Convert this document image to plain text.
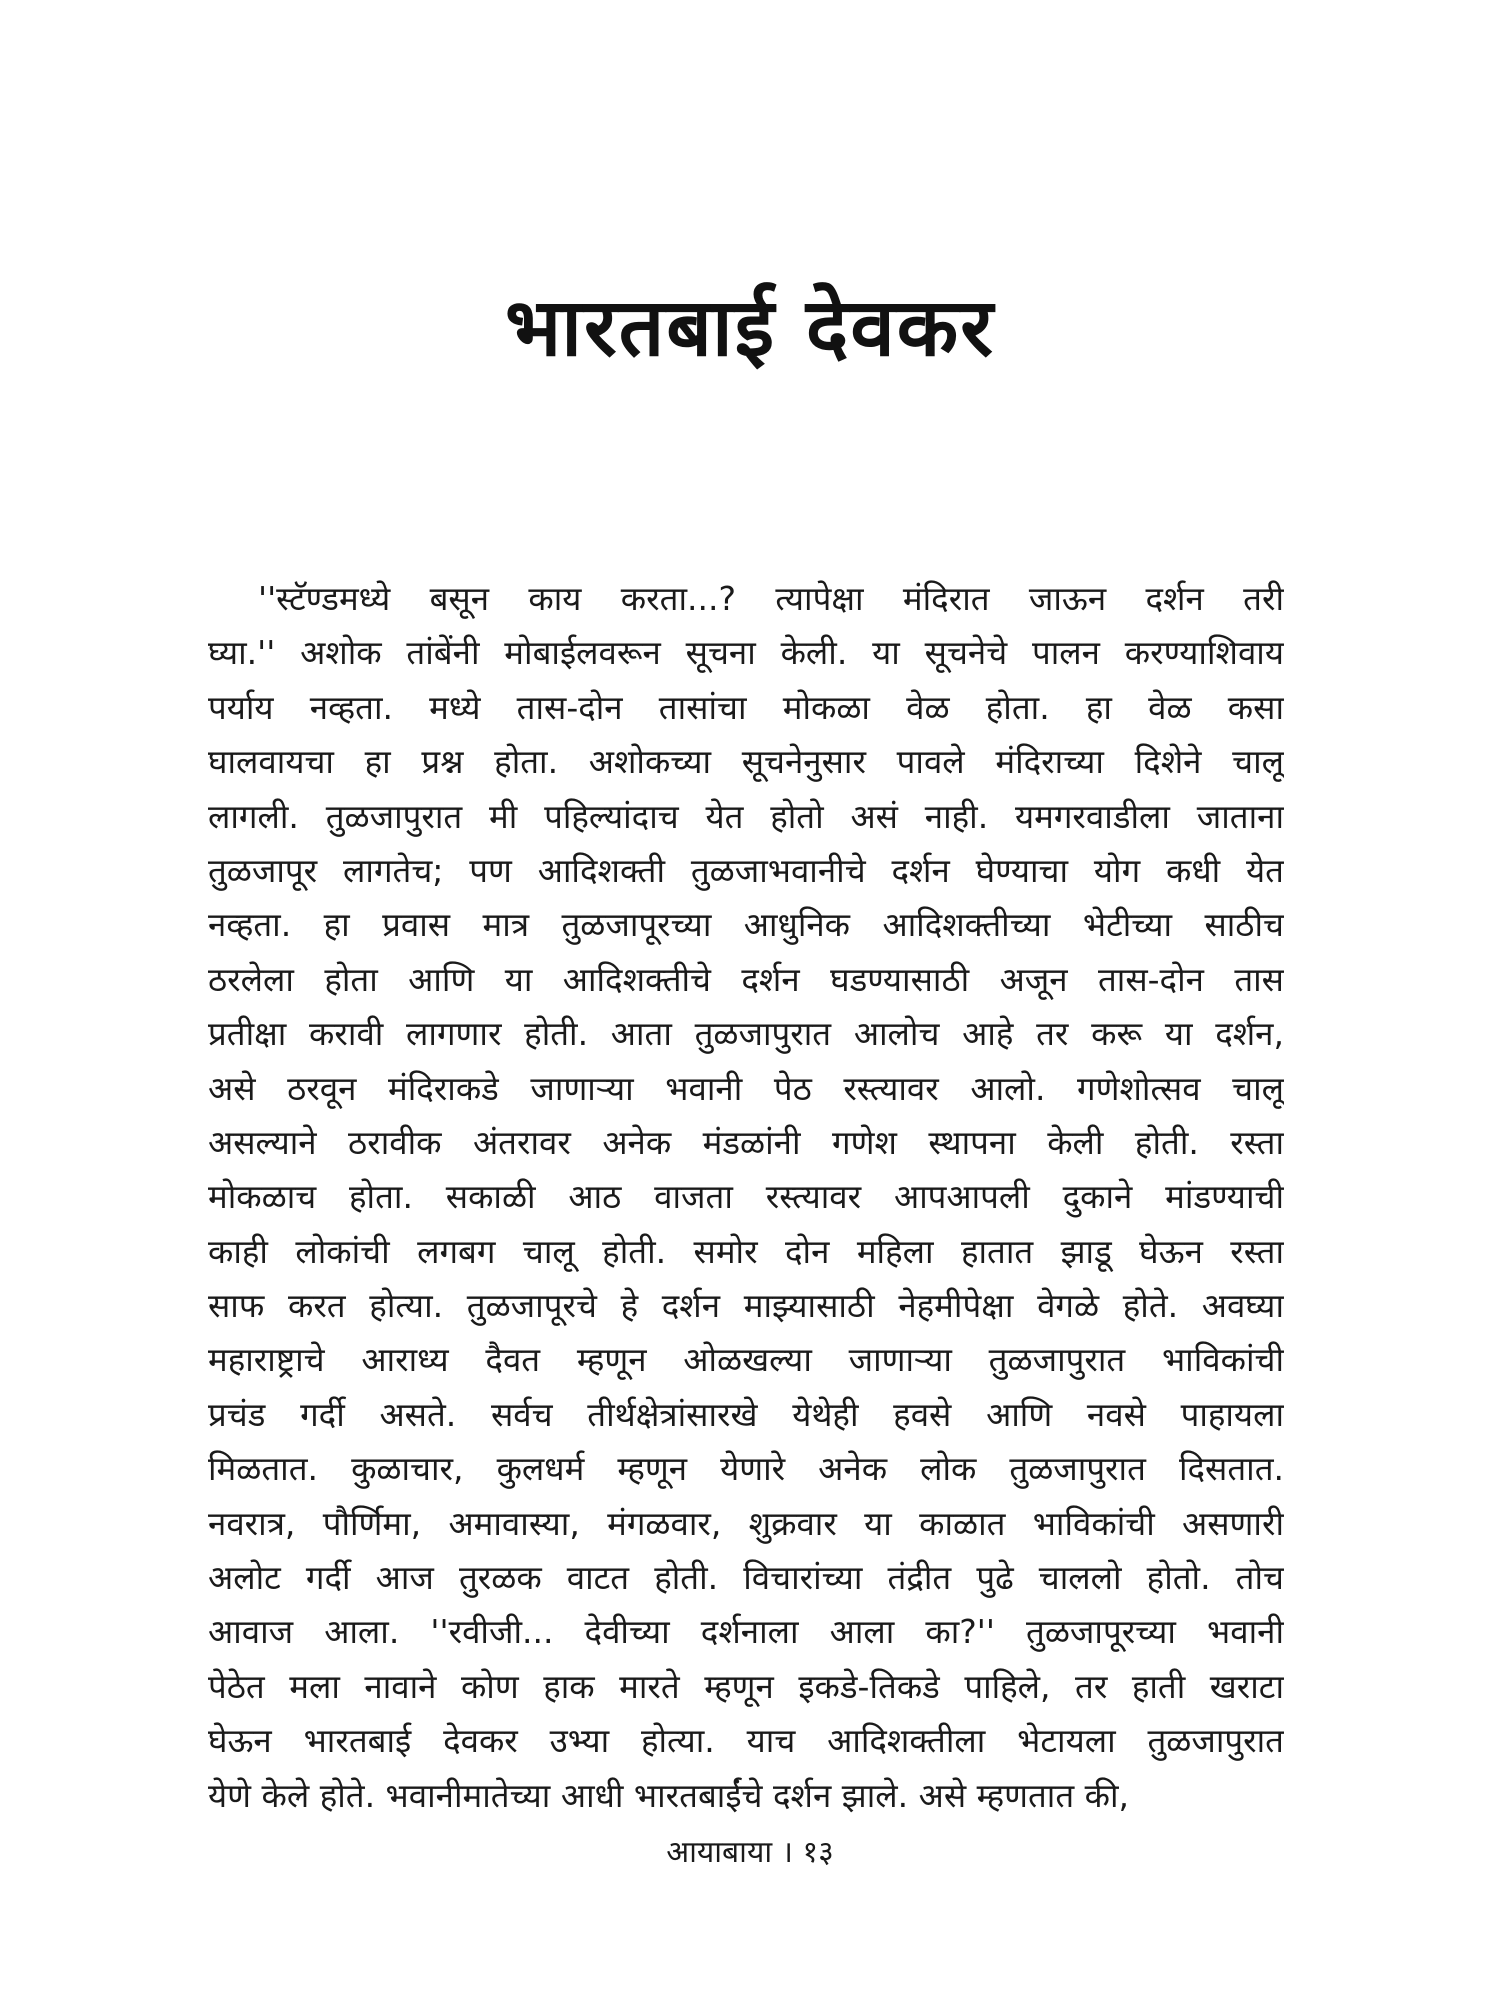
भारतबाई देवकर
''स्टॅण्डमध्ये बसून काय करता...? त्यापेक्षा मंदिरात जाऊन दर्शन तरी
घ्या.'' अशोक तांबेंनी मोबाईलवरून सूचना केली. या सूचनेचे पालन करण्याशिवाय
पर्याय नव्हता. मध्ये तास-दोन तासांचा मोकळा वेळ होता. हा वेळ कसा
घालवायचा हा प्रश्न होता. अशोकच्या सूचनेनुसार पावले मंदिराच्या दिशेने चालू
लागली. तुळजापुरात मी पहिल्यांदाच येत होतो असं नाही. यमगरवाडीला जाताना
तुळजापूर लागतेच; पण आदिशक्ती तुळजाभवानीचे दर्शन घेण्याचा योग कधी येत
नव्हता. हा प्रवास मात्र तुळजापूरच्या आधुनिक आदिशक्तीच्या भेटीच्या साठीच
ठरलेला होता आणि या आदिशक्तीचे दर्शन घडण्यासाठी अजून तास-दोन तास
प्रतीक्षा करावी लागणार होती. आता तुळजापुरात आलोच आहे तर करू या दर्शन,
असे ठरवून मंदिराकडे जाणाऱ्या भवानी पेठ रस्त्यावर आलो. गणेशोत्सव चालू
असल्याने ठरावीक अंतरावर अनेक मंडळांनी गणेश स्थापना केली होती. रस्ता
मोकळाच होता. सकाळी आठ वाजता रस्त्यावर आपआपली दुकाने मांडण्याची
काही लोकांची लगबग चालू होती. समोर दोन महिला हातात झाडू घेऊन रस्ता
साफ करत होत्या. तुळजापूरचे हे दर्शन माझ्यासाठी नेहमीपेक्षा वेगळे होते. अवघ्या
महाराष्ट्राचे आराध्य दैवत म्हणून ओळखल्या जाणाऱ्या तुळजापुरात भाविकांची
प्रचंड गर्दी असते. सर्वच तीर्थक्षेत्रांसारखे येथेही हवसे आणि नवसे पाहायला
मिळतात. कुळाचार, कुलधर्म म्हणून येणारे अनेक लोक तुळजापुरात दिसतात.
नवरात्र, पौर्णिमा, अमावास्या, मंगळवार, शुक्रवार या काळात भाविकांची असणारी
अलोट गर्दी आज तुरळक वाटत होती. विचारांच्या तंद्रीत पुढे चाललो होतो. तोच
आवाज आला. ''रवीजी... देवीच्या दर्शनाला आला का?'' तुळजापूरच्या भवानी
पेठेत मला नावाने कोण हाक मारते म्हणून इकडे-तिकडे पाहिले, तर हाती खराटा
घेऊन भारतबाई देवकर उभ्या होत्या. याच आदिशक्तीला भेटायला तुळजापुरात
येणे केले होते. भवानीमातेच्या आधी भारतबाईंचे दर्शन झाले. असे म्हणतात की,
आयाबाया । १३
